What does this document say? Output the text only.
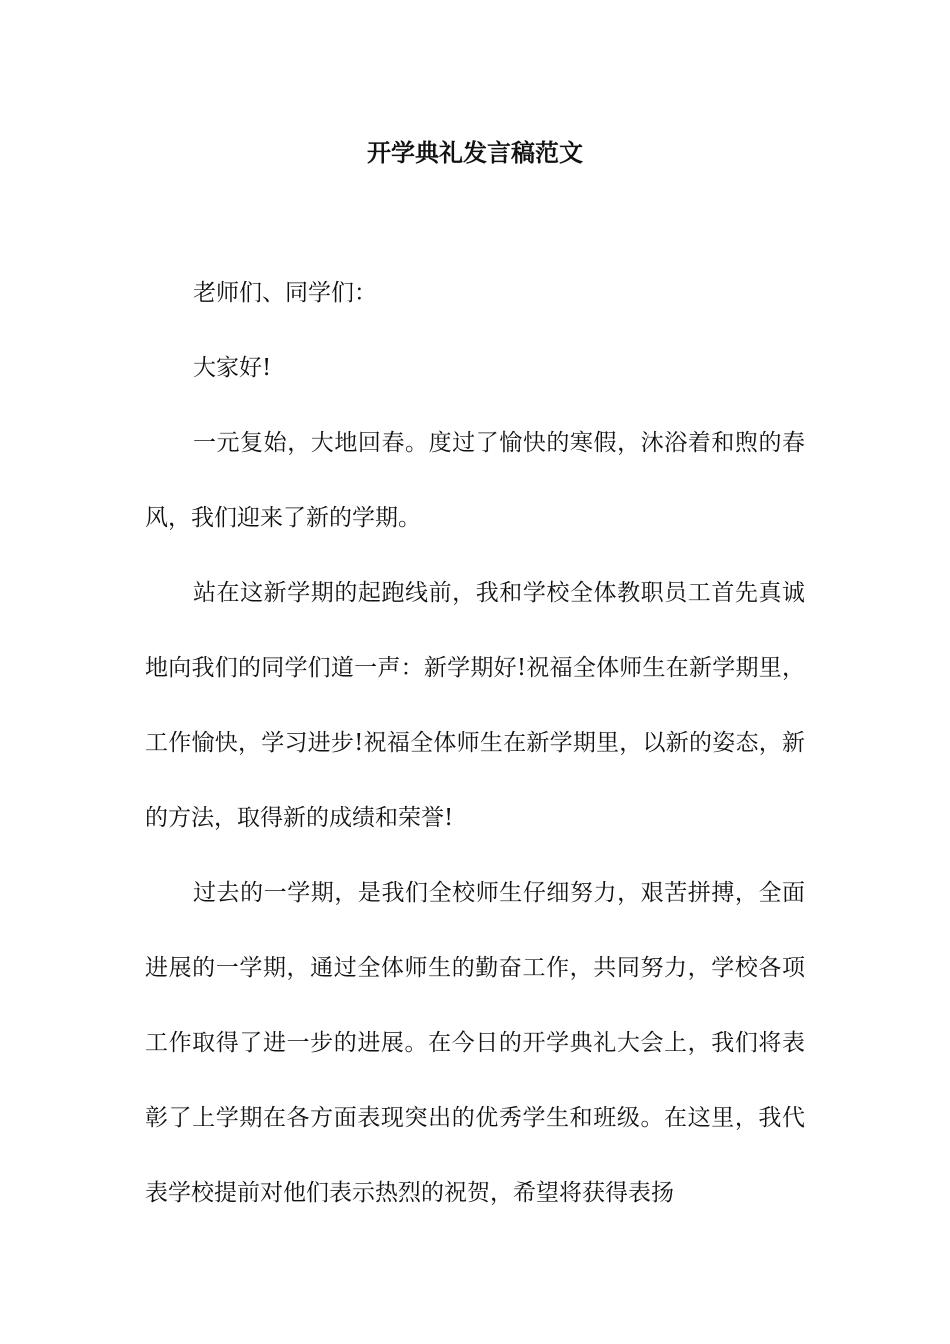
开学典礼发言稿范文

老师们、同学们：

大家好!

一元复始，大地回春。度过了愉快的寒假，沐浴着和煦的春风，我们迎来了新的学期。

站在这新学期的起跑线前，我和学校全体教职员工首先真诚地向我们的同学们道一声：新学期好!祝福全体师生在新学期里，工作愉快，学习进步!祝福全体师生在新学期里，以新的姿态，新的方法，取得新的成绩和荣誉!

过去的一学期，是我们全校师生仔细努力，艰苦拼搏，全面进展的一学期，通过全体师生的勤奋工作，共同努力，学校各项工作取得了进一步的进展。在今日的开学典礼大会上，我们将表彰了上学期在各方面表现突出的优秀学生和班级。在这里，我代表学校提前对他们表示热烈的祝贺，希望将获得表扬
